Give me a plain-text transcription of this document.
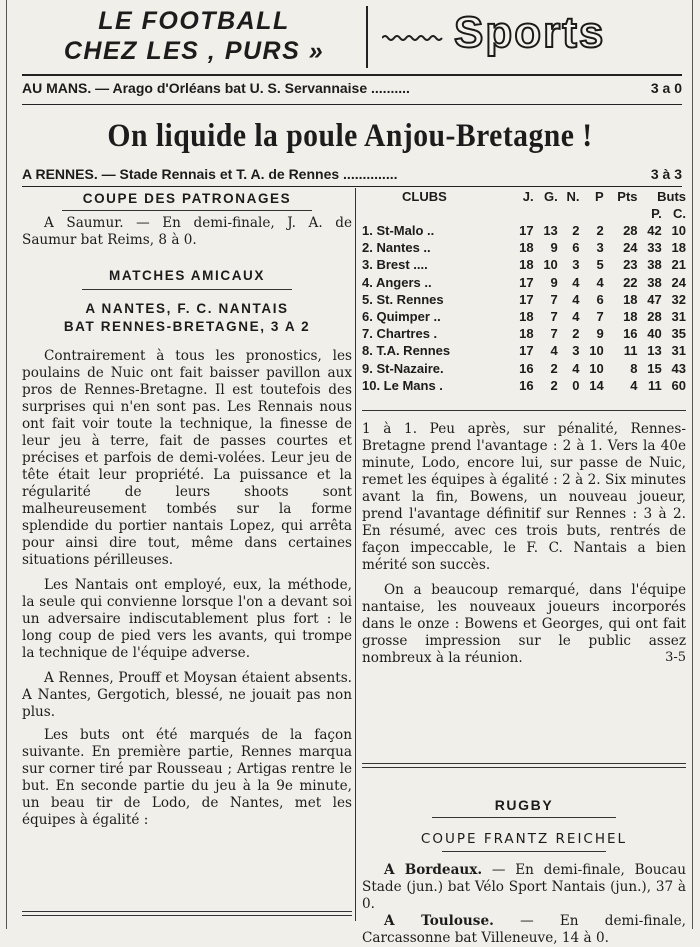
LE FOOTBALL
CHEZ LES ‚ PURS »	Sports
AU MANS. — Arago d'Orléans bat U. S. Servannaise ..........	3 a 0
On liquide la poule Anjou-Bretagne !
A RENNES. — Stade Rennais et T. A. de Rennes ..............	3 à 3
COUPE DES PATRONAGES

A Saumur. — En demi-finale, J. A. de Saumur bat Reims, 8 à 0.

MATCHES AMICAUX
A NANTES, F. C. NANTAIS
BAT RENNES-BRETAGNE, 3 A 2

Contrairement à tous les pronostics, les poulains de Nuic ont fait baisser pavillon aux pros de Rennes-Bretagne. Il est toutefois des surprises qui n'en sont pas. Les Rennais nous ont fait voir toute la technique, la finesse de leur jeu à terre, fait de passes courtes et précises et parfois de demi-volées. Leur jeu de tête était leur propriété. La puissance et la régularité de leurs shoots sont malheureusement tombés sur la forme splendide du portier nantais Lopez, qui arrêta pour ainsi dire tout, même dans certaines situations périlleuses.

Les Nantais ont employé, eux, la méthode, la seule qui convienne lorsque l'on a devant soi un adversaire indiscutablement plus fort : le long coup de pied vers les avants, qui trompe la technique de l'équipe adverse.

A Rennes, Prouff et Moysan étaient absents. A Nantes, Gergotich, blessé, ne jouait pas non plus.

Les buts ont été marqués de la façon suivante. En première partie, Rennes marqua sur corner tiré par Rousseau ; Artigas rentre le but. En seconde partie du jeu à la 9e minute, un beau tir de Lodo, de Nantes, met les équipes à égalité :

CLUBS	J.	G.	N.	P	Pts	Buts	
						P.	C.
1. St-Malo ..	17	13	2	2	28	42	10
2. Nantes ..	18	9	6	3	24	33	18
3. Brest ....	18	10	3	5	23	38	21
4. Angers ..	17	9	4	4	22	38	24
5. St. Rennes	17	7	4	6	18	47	32
6. Quimper ..	18	7	4	7	18	28	31
7. Chartres .	18	7	2	9	16	40	35
8. T.A. Rennes	17	4	3	10	11	13	31
9. St-Nazaire.	16	2	4	10	8	15	43
10. Le Mans .	16	2	0	14	4	11	60

1 à 1. Peu après, sur pénalité, Rennes-Bretagne prend l'avantage : 2 à 1. Vers la 40e minute, Lodo, encore lui, sur passe de Nuic, remet les équipes à égalité : 2 à 2. Six minutes avant la fin, Bowens, un nouveau joueur, prend l'avantage définitif sur Rennes : 3 à 2. En résumé, avec ces trois buts, rentrés de façon impeccable, le F. C. Nantais a bien mérité son succès.

On a beaucoup remarqué, dans l'équipe nantaise, les nouveaux joueurs incorporés dans le onze : Bowens et Georges, qui ont fait grosse impression sur le public assez nombreux à la réunion.	3-5
RUGBY
COUPE FRANTZ REICHEL

A Bordeaux. — En demi-finale, Boucau Stade (jun.) bat Vélo Sport Nantais (jun.), 37 à 0.

A Toulouse. — En demi-finale, Carcassonne bat Villeneuve, 14 à 0.
